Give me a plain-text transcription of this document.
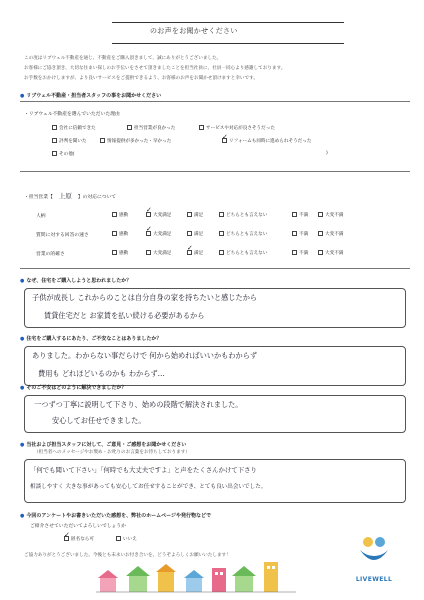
のお声をお聞かせください
この度はリブウェル不動産を通じ、不動産をご購入頂きまして、誠にありがとうございました。
お客様にご協き頂き、大切な住まい探しのお手伝いをさせて頂きましたことを担当社員に、社員一同心より感謝しております。
お手数をおかけしますが、より良いサービスをご提供できるよう、お客様のお声をお聞かせ頂けますと幸いです。
● リブウェル不動産・担当者スタッフの事をお聞かせください
・リブウェル不動産を選んでいただいた理由
会社に信頼できた	担当営業が良かった	サービスや対応が良さそうだった
評判を聞いた	情報提供が多かった・早かった	リフォームも同時に進められそうだった
✓
その他(	)
・担当営業【 上原 】の対応について
人柄	感動	大変満足	満足	どちらとも言えない	不満	大変不満
✓
質問に対する回答の速さ	感動	大変満足	満足	どちらとも言えない	不満	大変不満
✓
営業の的確さ	感動	大変満足	満足	どちらとも言えない	不満	大変不満
✓
● なぜ、住宅をご購入しようと思われましたか？
子供が成長し これからのことは自分自身の家を持ちたいと感じたから
賃貸住宅だと お家賃を払い続ける必要があるから
● 住宅をご購入するにあたり、ご不安なことはありましたか？
ありました。わからない事だらけで 何から始めればいいかもわからず
費用も どれほどいるのかも わからず…
● そのご不安はどのように解決できましたか？
一つずつ丁寧に説明して下さり、始めの段階で解決されました。
安心してお任せできました。
● 当社および担当スタッフに対して、ご意見・ご感想をお聞かせください
（担当者へのメッセージやお褒め・お叱りのお言葉をお待ちしております）
「何でも聞いて下さい」「何時でも大丈夫ですよ」と声をたくさんかけて下さり
相談しやすく 大きな事があっても安心してお任せすることができ、とても良い出会いでした。
● 今回のアンケートやお書きいただいた感想を、弊社のホームページや発行物などで
ご紹介させていただいてよろしいでしょうか
匿名なら可
✓
いいえ
ご協力ありがとうございました。今後とも末永いお付き合いを、どうぞよろしくお願いいたします！
LIVEWELL
